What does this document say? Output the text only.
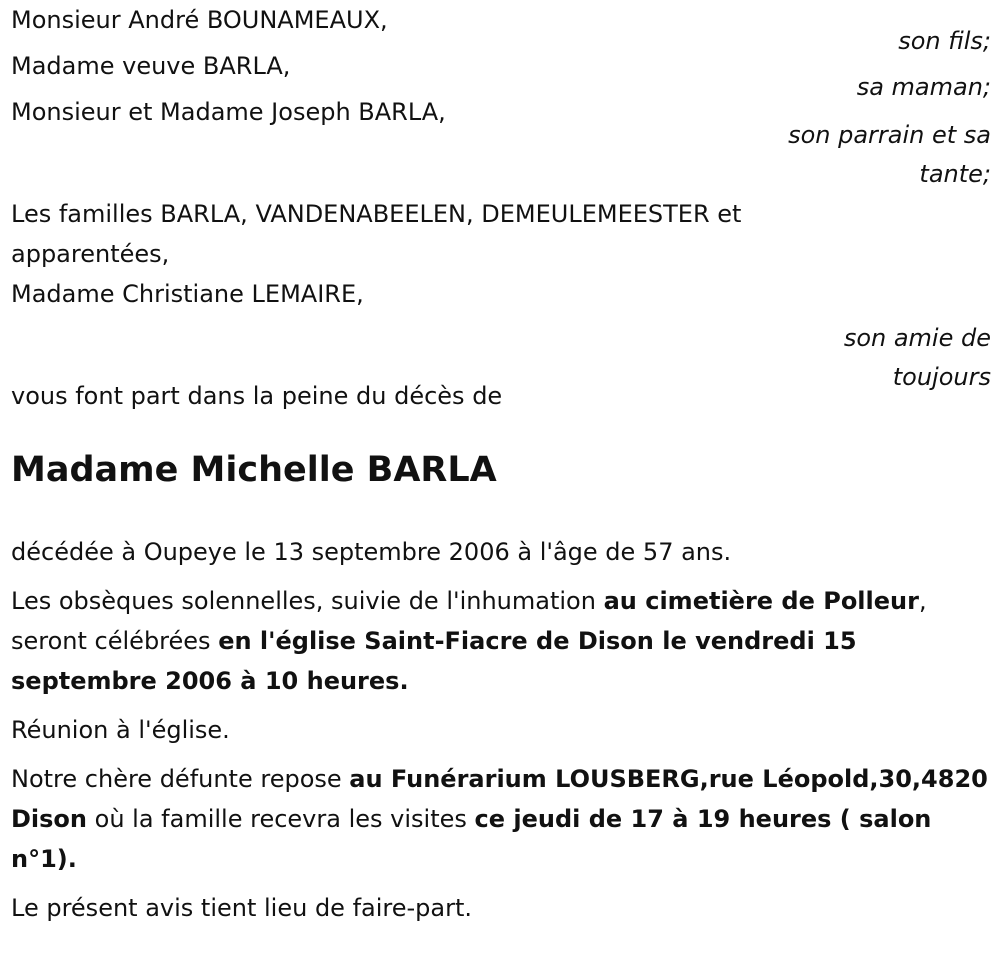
Monsieur André BOUNAMEAUX,
son fils;
Madame veuve BARLA,
sa maman;
Monsieur et Madame Joseph BARLA,
son parrain et sa
tante;
Les familles BARLA, VANDENABEELEN, DEMEULEMEESTER et apparentées,
Madame Christiane LEMAIRE,
son amie de
toujours
vous font part dans la peine du décès de
Madame Michelle BARLA

décédée à Oupeye le 13 septembre 2006 à l'âge de 57 ans.

Les obsèques solennelles, suivie de l'inhumation au cimetière de Polleur, seront célébrées en l'église Saint-Fiacre de Dison le vendredi 15 septembre 2006 à 10 heures.

Réunion à l'église.

Notre chère défunte repose au Funérarium LOUSBERG,rue Léopold,30,4820 Dison où la famille recevra les visites ce jeudi de 17 à 19 heures ( salon n°1).

Le présent avis tient lieu de faire-part.
